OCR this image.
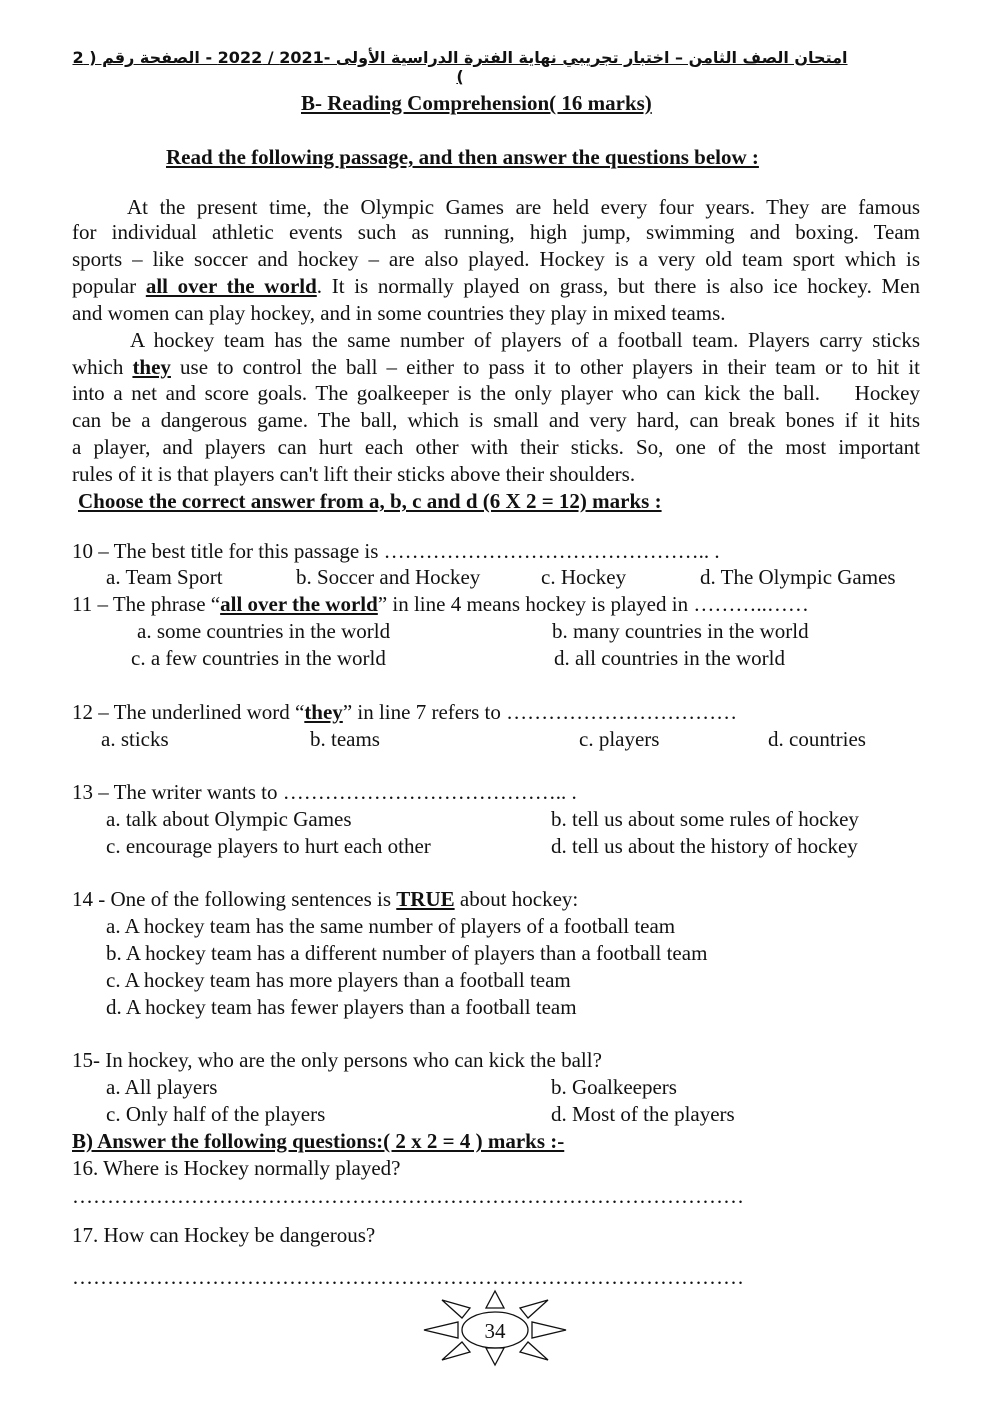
امتحان الصف الثامن – اختبار تجريبي نهاية الفترة الدراسية الأولى -2021 / 2022 - الصفحة رقم ( 2 )
B- Reading Comprehension( 16 marks)
Read the following passage, and then answer the questions below :
At the present time, the Olympic Games are held every four years. They are famous
for individual athletic events such as running, high jump, swimming and boxing. Team
sports – like soccer and hockey – are also played. Hockey is a very old team sport which is
popular all over the world. It is normally played on grass, but there is also ice hockey. Men
and women can play hockey, and in some countries they play in mixed teams.
A hockey team has the same number of players of a football team. Players carry sticks
which they use to control the ball – either to pass it to other players in their team or to hit it
into a net and score goals. The goalkeeper is the only player who can kick the ball.    Hockey
can be a dangerous game. The ball, which is small and very hard, can break bones if it hits
a player, and players can hurt each other with their sticks. So, one of the most important
rules of it is that players can't lift their sticks above their shoulders.
Choose the correct answer from a, b, c and d (6 X 2 = 12) marks :
10 – The best title for this passage is ……………………………………….. .
a. Team Sport	b. Soccer and Hockey	c. Hockey	d. The Olympic Games
11 – The phrase “all over the world” in line 4 means hockey is played in ………..……
a. some countries in the world	b. many countries in the world
c. a few countries in the world	d. all countries in the world
12 – The underlined word “they” in line 7 refers to ……………………………
a. sticks	b. teams	c. players	d. countries
13 – The writer wants to ………………………………….. .
a. talk about Olympic Games	b. tell us about some rules of hockey
c. encourage players to hurt each other	d. tell us about the history of hockey
14 - One of the following sentences is TRUE about hockey:
a. A hockey team has the same number of players of a football team
b. A hockey team has a different number of players than a football team
c. A hockey team has more players than a football team
d. A hockey team has fewer players than a football team
15- In hockey, who are the only persons who can kick the ball?
a. All players	b. Goalkeepers
c. Only half of the players	d. Most of the players
B) Answer the following questions:( 2 x 2 = 4 ) marks :-
16. Where is Hockey normally played?
……………………………………………………………………………………
17. How can Hockey be dangerous?
……………………………………………………………………………………
34
